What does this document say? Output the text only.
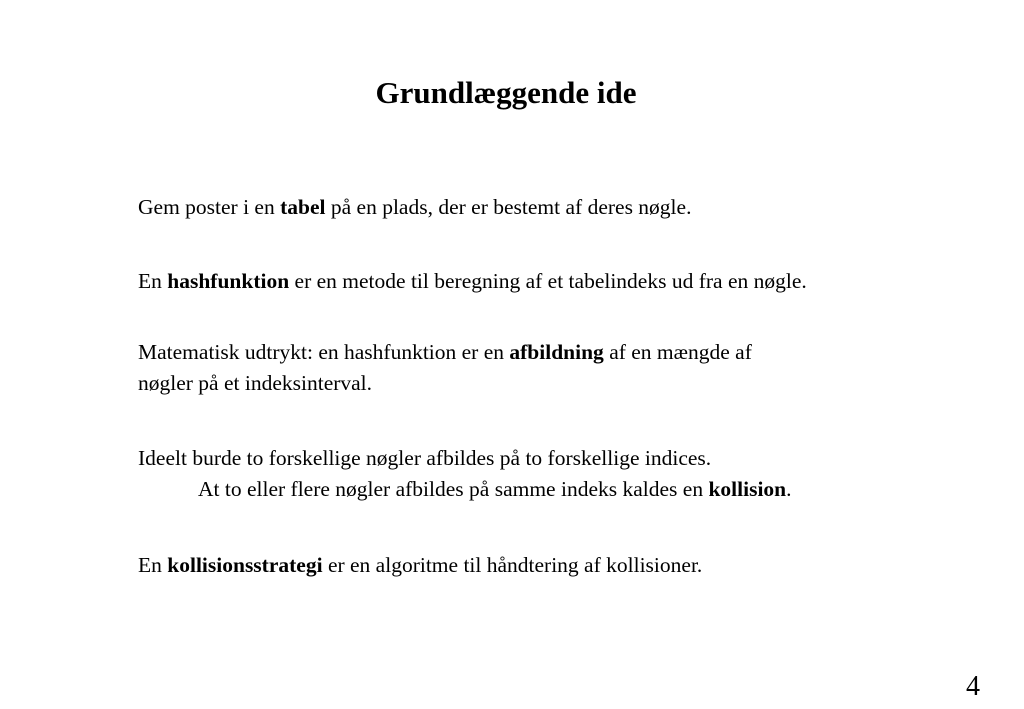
Grundlæggende ide

Gem poster i en tabel på en plads, der er bestemt af deres nøgle.

En hashfunktion er en metode til beregning af et tabelindeks ud fra en nøgle.

Matematisk udtrykt: en hashfunktion er en afbildning af en mængde af
nøgler på et indeksinterval.

Ideelt burde to forskellige nøgler afbildes på to forskellige indices.
At to eller flere nøgler afbildes på samme indeks kaldes en kollision.

En kollisionsstrategi er en algoritme til håndtering af kollisioner.

4
